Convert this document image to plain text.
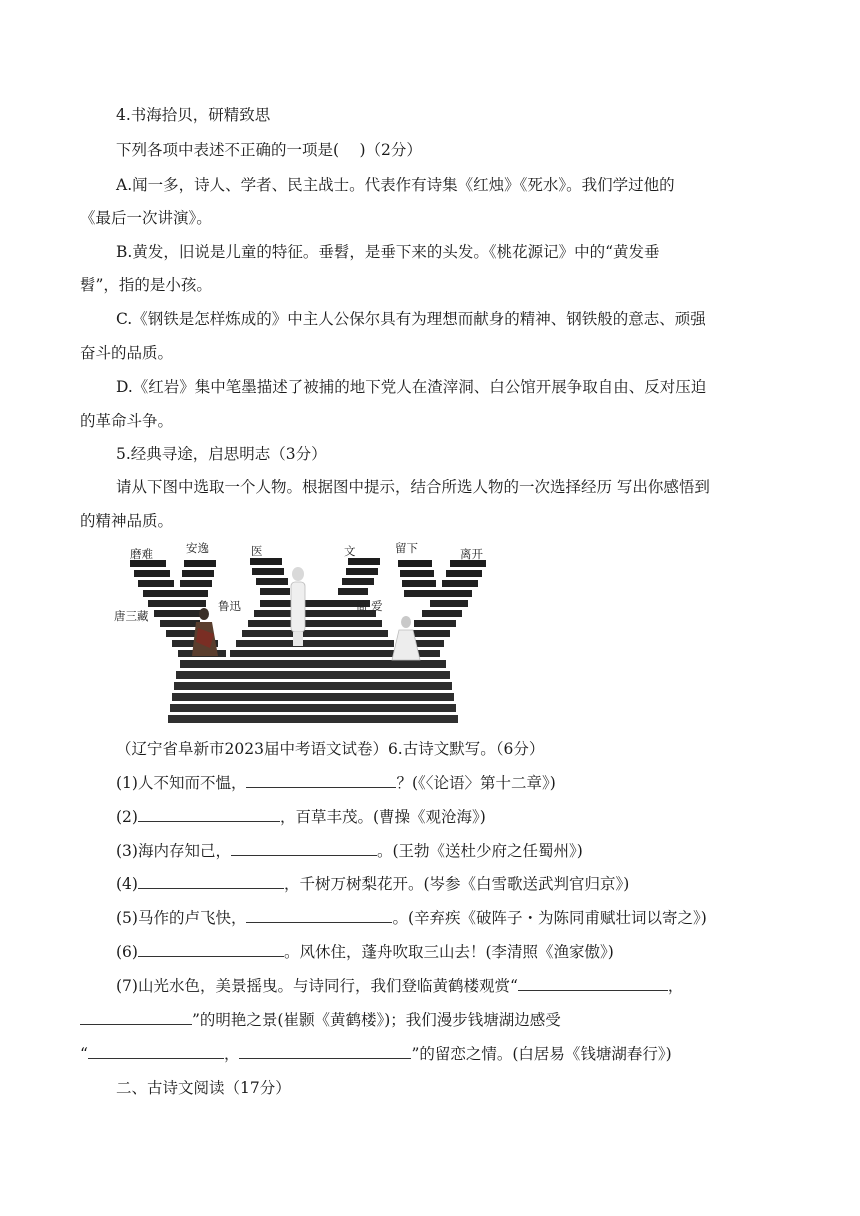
4.书海拾贝，研精致思
下列各项中表述不正确的一项是(　 )（2分）
A.闻一多，诗人、学者、民主战士。代表作有诗集《红烛》《死水》。我们学过他的
《最后一次讲演》。
B.黄发，旧说是儿童的特征。垂髫，是垂下来的头发。《桃花源记》中的“黄发垂
髫”，指的是小孩。
C.《钢铁是怎样炼成的》中主人公保尔具有为理想而献身的精神、钢铁般的意志、顽强
奋斗的品质。
D.《红岩》集中笔墨描述了被捕的地下党人在渣滓洞、白公馆开展争取自由、反对压迫
的革命斗争。
5.经典寻途，启思明志（3分）
请从下图中选取一个人物。根据图中提示，结合所选人物的一次选择经历 写出你感悟到
的精神品质。
磨难	安逸	医	文	留下	离开
唐三藏
鲁迅	简·爱
（辽宁省阜新市2023届中考语文试卷）6.古诗文默写。（6分）
(1)人不知而不愠，	？(《〈论语〉第十二章》)
(2)	，百草丰茂。(曹操《观沧海》)
(3)海内存知己，	。(王勃《送杜少府之任蜀州》)
(4)	，千树万树梨花开。(岑参《白雪歌送武判官归京》)
(5)马作的卢飞快，	。(辛弃疾《破阵子・为陈同甫赋壮词以寄之》)
(6)	。风休住，蓬舟吹取三山去！(李清照《渔家傲》)
(7)山光水色，美景摇曳。与诗同行，我们登临黄鹤楼观赏“	，
”的明艳之景(崔颢《黄鹤楼》)；我们漫步钱塘湖边感受
“	，	”的留恋之情。(白居易《钱塘湖春行》)
二、古诗文阅读（17分）
